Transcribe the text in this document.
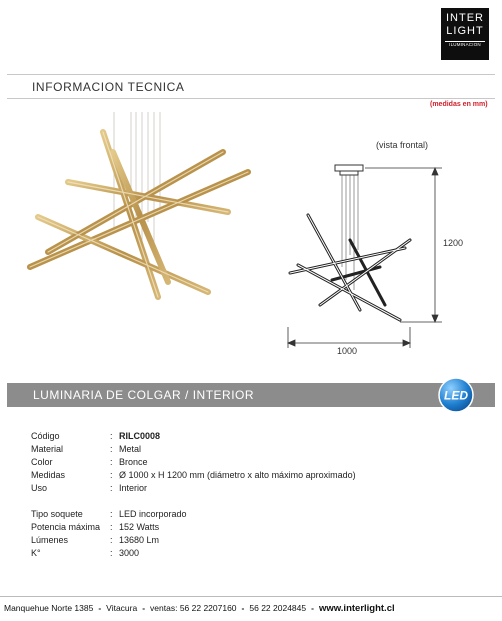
INTER
LIGHT
ILUMINACION
INFORMACION TECNICA
(medidas en mm)
(vista frontal)
1200
1000
LUMINARIA DE COLGAR / INTERIOR	LED
Código	: RILC0008
Material	: Metal
Color	: Bronce
Medidas	: Ø 1000 x H 1200 mm (diámetro x alto máximo aproximado)
Uso	: Interior
Tipo soquete	: LED incorporado
Potencia máxima : 152 Watts
Lúmenes	: 13680 Lm
K°	: 3000
Manquehue Norte 1385 - Vitacura - ventas: 56 22 2207160 - 56 22 2024845 - www.interlight.cl
